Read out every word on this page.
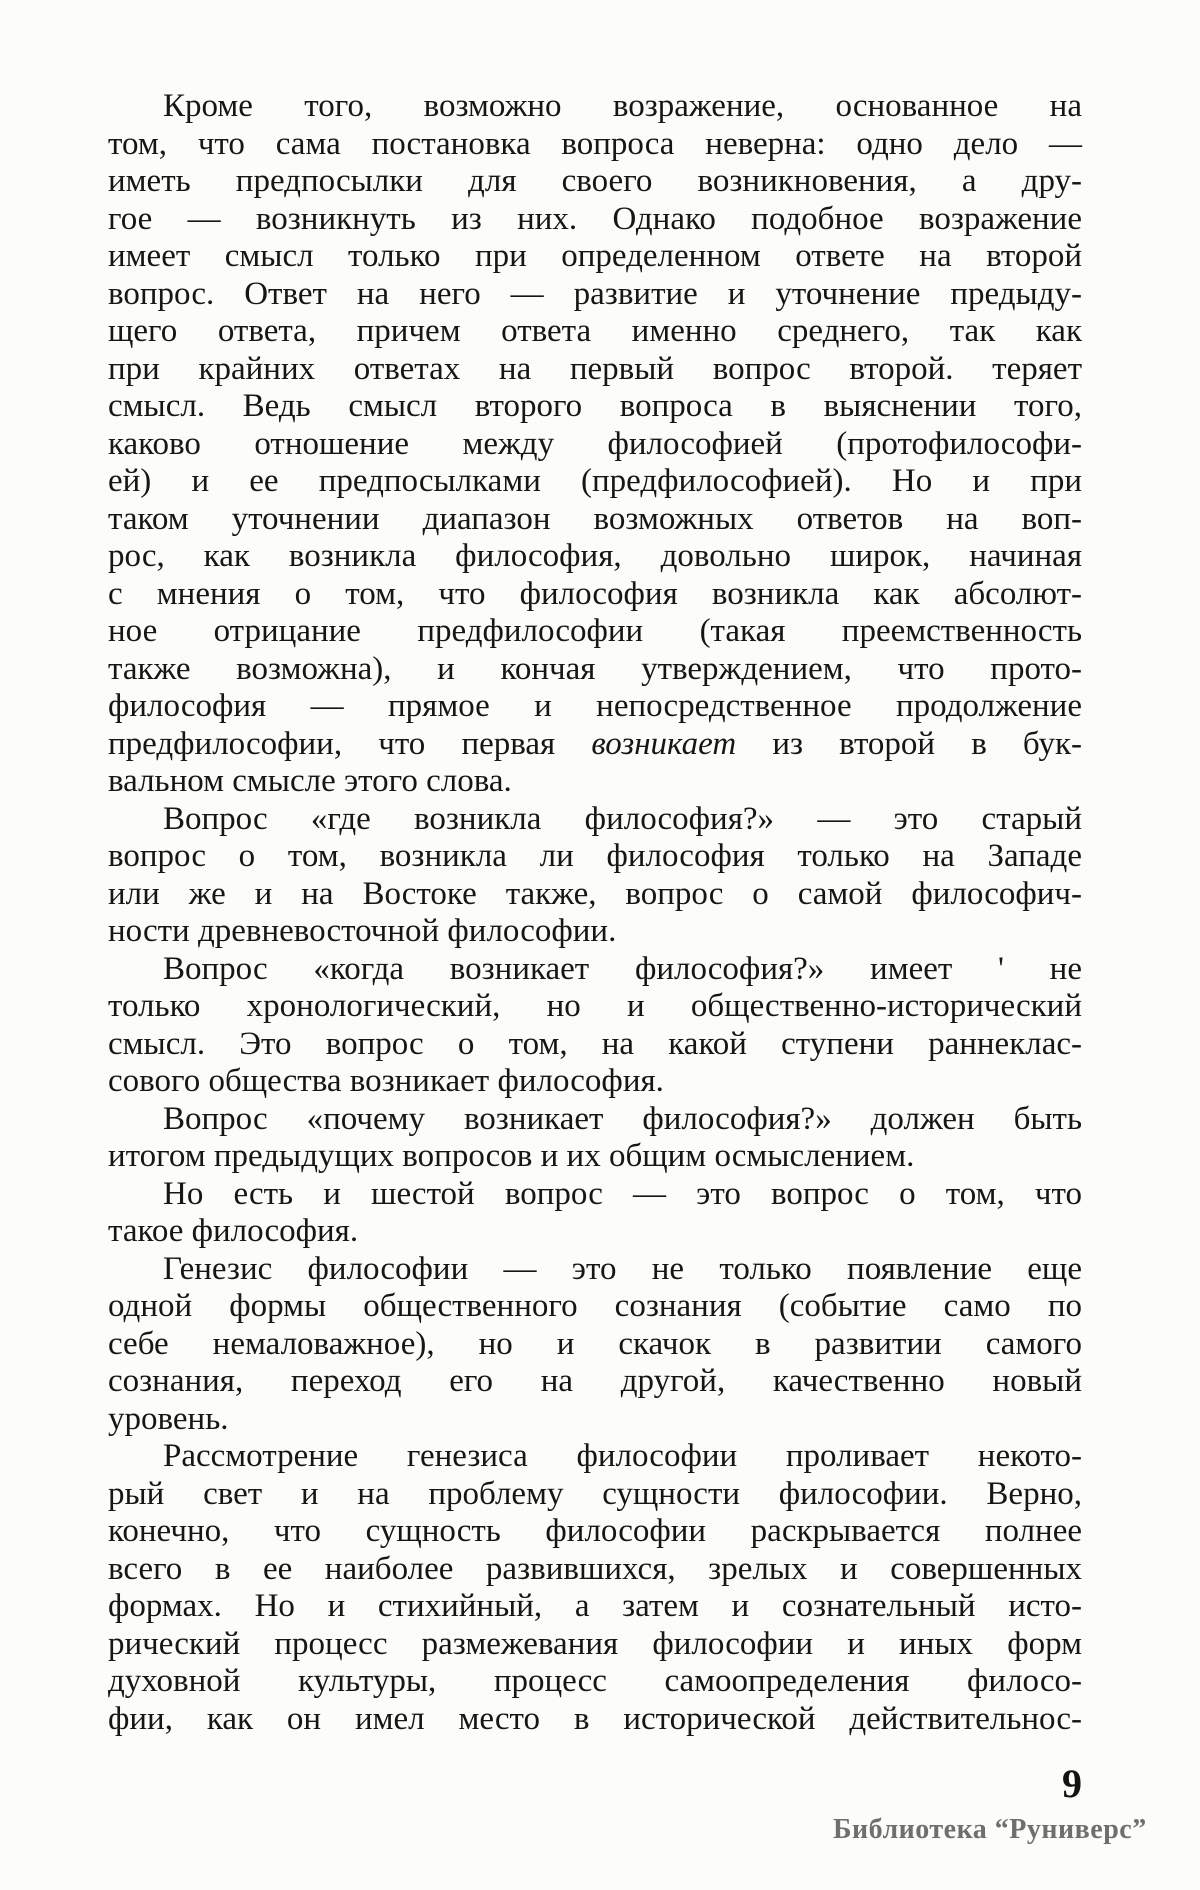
Кроме того, возможно возражение, основанное на
том, что сама постановка вопроса неверна: одно дело —
иметь предпосылки для своего возникновения, а дру-
гое — возникнуть из них. Однако подобное возражение
имеет смысл только при определенном ответе на второй
вопрос. Ответ на него — развитие и уточнение предыду-
щего ответа, причем ответа именно среднего, так как
при крайних ответах на первый вопрос второй. теряет
смысл. Ведь смысл второго вопроса в выяснении того,
каково отношение между философией (протофилософи-
ей) и ее предпосылками (предфилософией). Но и при
таком уточнении диапазон возможных ответов на воп-
рос, как возникла философия, довольно широк, начиная
с мнения о том, что философия возникла как абсолют-
ное отрицание предфилософии (такая преемственность
также возможна), и кончая утверждением, что прото-
философия — прямое и непосредственное продолжение
предфилософии, что первая возникает из второй в бук-
вальном смысле этого слова.
Вопрос «где возникла философия?» — это старый
вопрос о том, возникла ли философия только на Западе
или же и на Востоке также, вопрос о самой философич-
ности древневосточной философии.
Вопрос «когда возникает философия?» имеет ' не
только хронологический, но и общественно-исторический
смысл. Это вопрос о том, на какой ступени раннеклас-
сового общества возникает философия.
Вопрос «почему возникает философия?» должен быть
итогом предыдущих вопросов и их общим осмыслением.
Но есть и шестой вопрос — это вопрос о том, что
такое философия.
Генезис философии — это не только появление еще
одной формы общественного сознания (событие само по
себе немаловажное), но и скачок в развитии самого
сознания, переход его на другой, качественно новый
уровень.
Рассмотрение генезиса философии проливает некото-
рый свет и на проблему сущности философии. Верно,
конечно, что сущность философии раскрывается полнее
всего в ее наиболее развившихся, зрелых и совершенных
формах. Но и стихийный, а затем и сознательный исто-
рический процесс размежевания философии и иных форм
духовной культуры, процесс самоопределения филосо-
фии, как он имел место в исторической действительнос-
9
Библиотека “Руниверс”
